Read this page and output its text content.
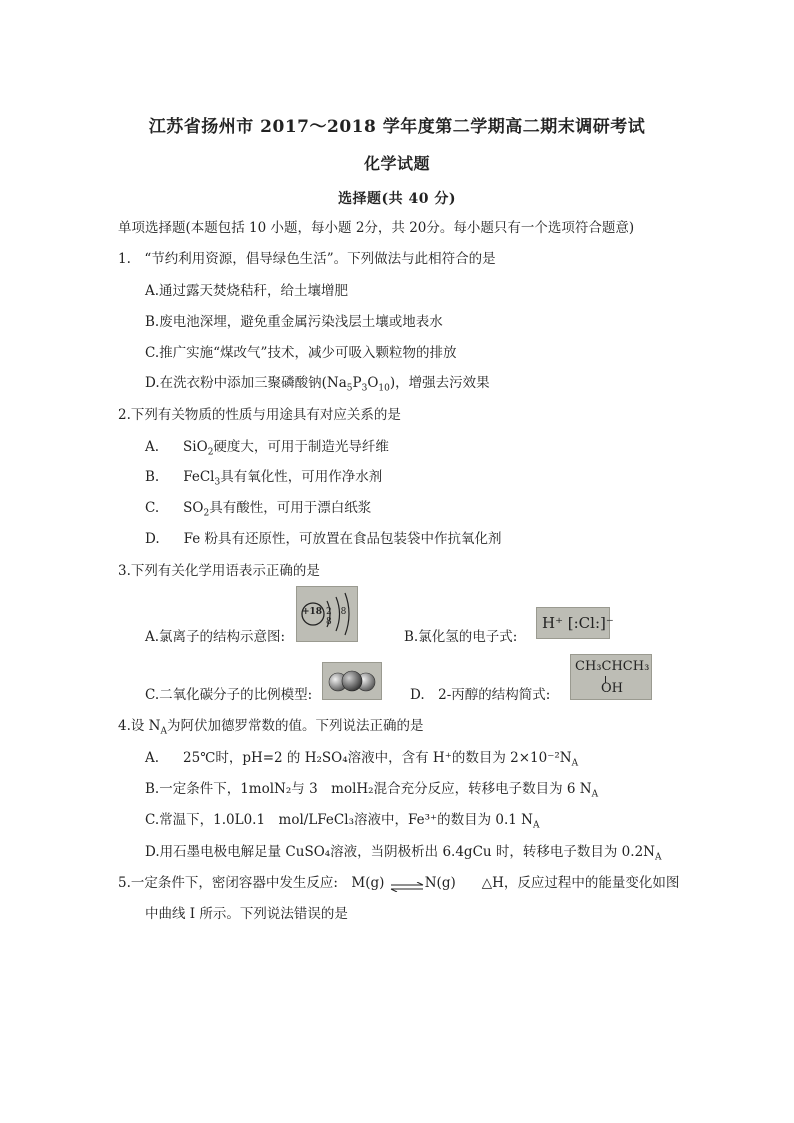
江苏省扬州市 2017～2018 学年度第二学期高二期末调研考试
化学试题
选择题(共 40 分)
单项选择题(本题包括 10 小题，每小题 2分，共 20分。每小题只有一个选项符合题意)
1.　“节约利用资源，倡导绿色生活”。下列做法与此相符合的是
A.通过露天焚烧秸秆，给土壤增肥
B.废电池深埋，避免重金属污染浅层土壤或地表水
C.推广实施“煤改气”技术，减少可吸入颗粒物的排放
D.在洗衣粉中添加三聚磷酸钠$(Na_5P_3O_{10})$，增强去污效果
2.下列有关物质的性质与用途具有对应关系的是
A. SiO$_2$硬度大，可用于制造光导纤维
B. FeCl$_3$具有氧化性，可用作净水剂
C. $SO_2$具有酸性，可用于漂白纸浆
D. Fe 粉具有还原性，可放置在食品包装袋中作抗氧化剂
3.下列有关化学用语表示正确的是
A.氯离子的结构示意图:
+18 2 8 8
B.氯化氢的电子式:
H⁺ [:Cl:]⁻
C.二氧化碳分子的比例模型:	D.　2-丙醇的结构简式:
CH₃CHCH₃
OH
4.设 $N_A$为阿伏加德罗常数的值。下列说法正确的是
A. 25℃时，pH=2 的 H₂SO₄溶液中，含有 H⁺的数目为 $2\times 10^{-2}N_A$
B.一定条件下，1molN₂与 3　molH₂混合充分反应，转移电子数目为 6 $N_A$
C.常温下，1.0L0.1　mol/LFeCl₃溶液中，Fe³⁺的数目为 0.1 $N_A$
D.用石墨电极电解足量 CuSO₄溶液，当阴极析出 6.4gCu 时，转移电子数目为 $0.2N_A$
5.一定条件下，密闭容器中发生反应:　M(g) ⇌N(g) △H，反应过程中的能量变化如图
中曲线 I 所示。下列说法错误的是
